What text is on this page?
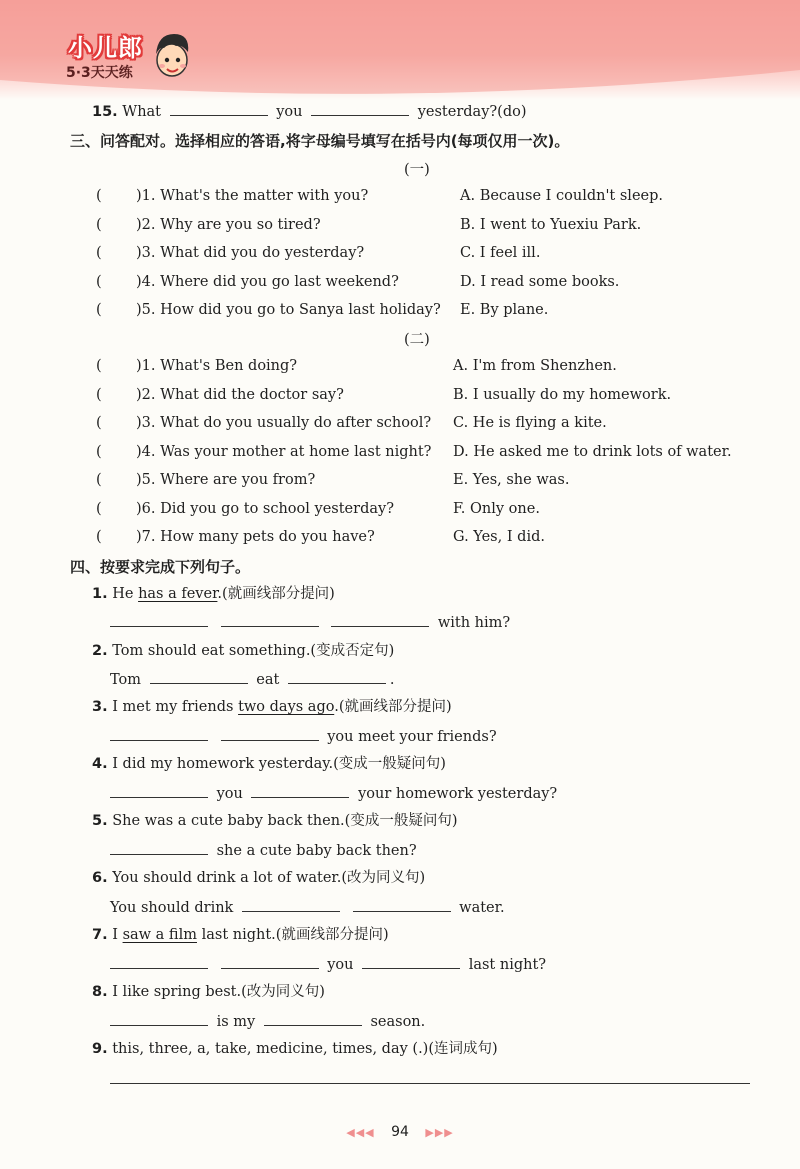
小儿郎
5·3天天练
15. What	you	yesterday?(do)
三、问答配对。选择相应的答语,将字母编号填写在括号内(每项仅用一次)。
(一)
( )1. What's the matter with you?	A. Because I couldn't sleep.
( )2. Why are you so tired?	B. I went to Yuexiu Park.
( )3. What did you do yesterday?	C. I feel ill.
( )4. Where did you go last weekend?	D. I read some books.
( )5. How did you go to Sanya last holiday? E. By plane.
(二)
( )1. What's Ben doing?	A. I'm from Shenzhen.
( )2. What did the doctor say?	B. I usually do my homework.
( )3. What do you usually do after school? C. He is flying a kite.
( )4. Was your mother at home last night? D. He asked me to drink lots of water.
( )5. Where are you from?	E. Yes, she was.
( )6. Did you go to school yesterday?	F. Only one.
( )7. How many pets do you have?	G. Yes, I did.
四、按要求完成下列句子。
1. He has a fever.(就画线部分提问)
with him?
2. Tom should eat something.(变成否定句)
Tom	eat	.
3. I met my friends two days ago.(就画线部分提问)
you meet your friends?
4. I did my homework yesterday.(变成一般疑问句)
you	your homework yesterday?
5. She was a cute baby back then.(变成一般疑问句)
she a cute baby back then?
6. You should drink a lot of water.(改为同义句)
You should drink	water.
7. I saw a film last night.(就画线部分提问)
you	last night?
8. I like spring best.(改为同义句)
is my	season.
9. this, three, a, take, medicine, times, day (.)(连词成句)
◀◀◀ 94 ▶▶▶
